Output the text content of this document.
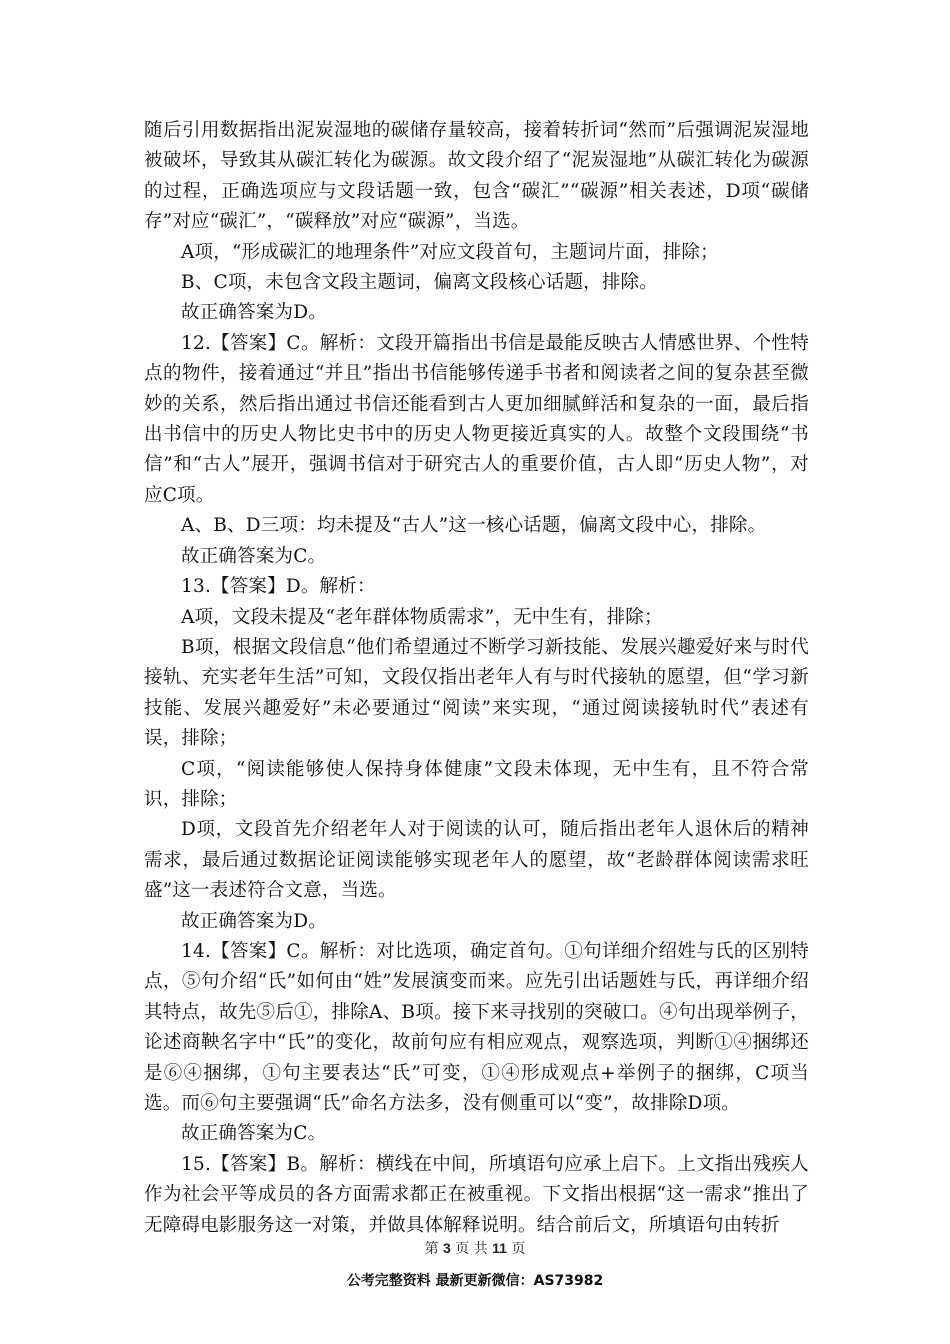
随后引用数据指出泥炭湿地的碳储存量较高，接着转折词“然而”后强调泥炭湿地被破坏，导致其从碳汇转化为碳源。故文段介绍了“泥炭湿地”从碳汇转化为碳源的过程，正确选项应与文段话题一致，包含“碳汇”“碳源”相关表述，D项“碳储存”对应“碳汇”，“碳释放”对应“碳源”，当选。

A项，“形成碳汇的地理条件”对应文段首句，主题词片面，排除；

B、C项，未包含文段主题词，偏离文段核心话题，排除。

故正确答案为D。

12.【答案】C。解析：文段开篇指出书信是最能反映古人情感世界、个性特点的物件，接着通过“并且”指出书信能够传递手书者和阅读者之间的复杂甚至微妙的关系，然后指出通过书信还能看到古人更加细腻鲜活和复杂的一面，最后指出书信中的历史人物比史书中的历史人物更接近真实的人。故整个文段围绕“书信”和“古人”展开，强调书信对于研究古人的重要价值，古人即“历史人物”，对应C项。

A、B、D三项：均未提及“古人”这一核心话题，偏离文段中心，排除。

故正确答案为C。

13.【答案】D。解析：

A项，文段未提及“老年群体物质需求”，无中生有，排除；

B项，根据文段信息“他们希望通过不断学习新技能、发展兴趣爱好来与时代接轨、充实老年生活”可知，文段仅指出老年人有与时代接轨的愿望，但“学习新技能、发展兴趣爱好”未必要通过“阅读”来实现，“通过阅读接轨时代”表述有误，排除；

C项，“阅读能够使人保持身体健康”文段未体现，无中生有，且不符合常识，排除；

D项，文段首先介绍老年人对于阅读的认可，随后指出老年人退休后的精神需求，最后通过数据论证阅读能够实现老年人的愿望，故“老龄群体阅读需求旺盛”这一表述符合文意，当选。

故正确答案为D。

14.【答案】C。解析：对比选项，确定首句。①句详细介绍姓与氏的区别特点，⑤句介绍“氏”如何由“姓”发展演变而来。应先引出话题姓与氏，再详细介绍其特点，故先⑤后①，排除A、B项。接下来寻找别的突破口。④句出现举例子，论述商鞅名字中“氏”的变化，故前句应有相应观点，观察选项，判断①④捆绑还是⑥④捆绑，①句主要表达“氏”可变，①④形成观点+举例子的捆绑，C项当选。而⑥句主要强调“氏”命名方法多，没有侧重可以“变”，故排除D项。

故正确答案为C。

15.【答案】B。解析：横线在中间，所填语句应承上启下。上文指出残疾人作为社会平等成员的各方面需求都正在被重视。下文指出根据“这一需求”推出了无障碍电影服务这一对策，并做具体解释说明。结合前后文，所填语句由转折

第 3 页 共 11 页
公考完整资料 最新更新微信：AS73982
